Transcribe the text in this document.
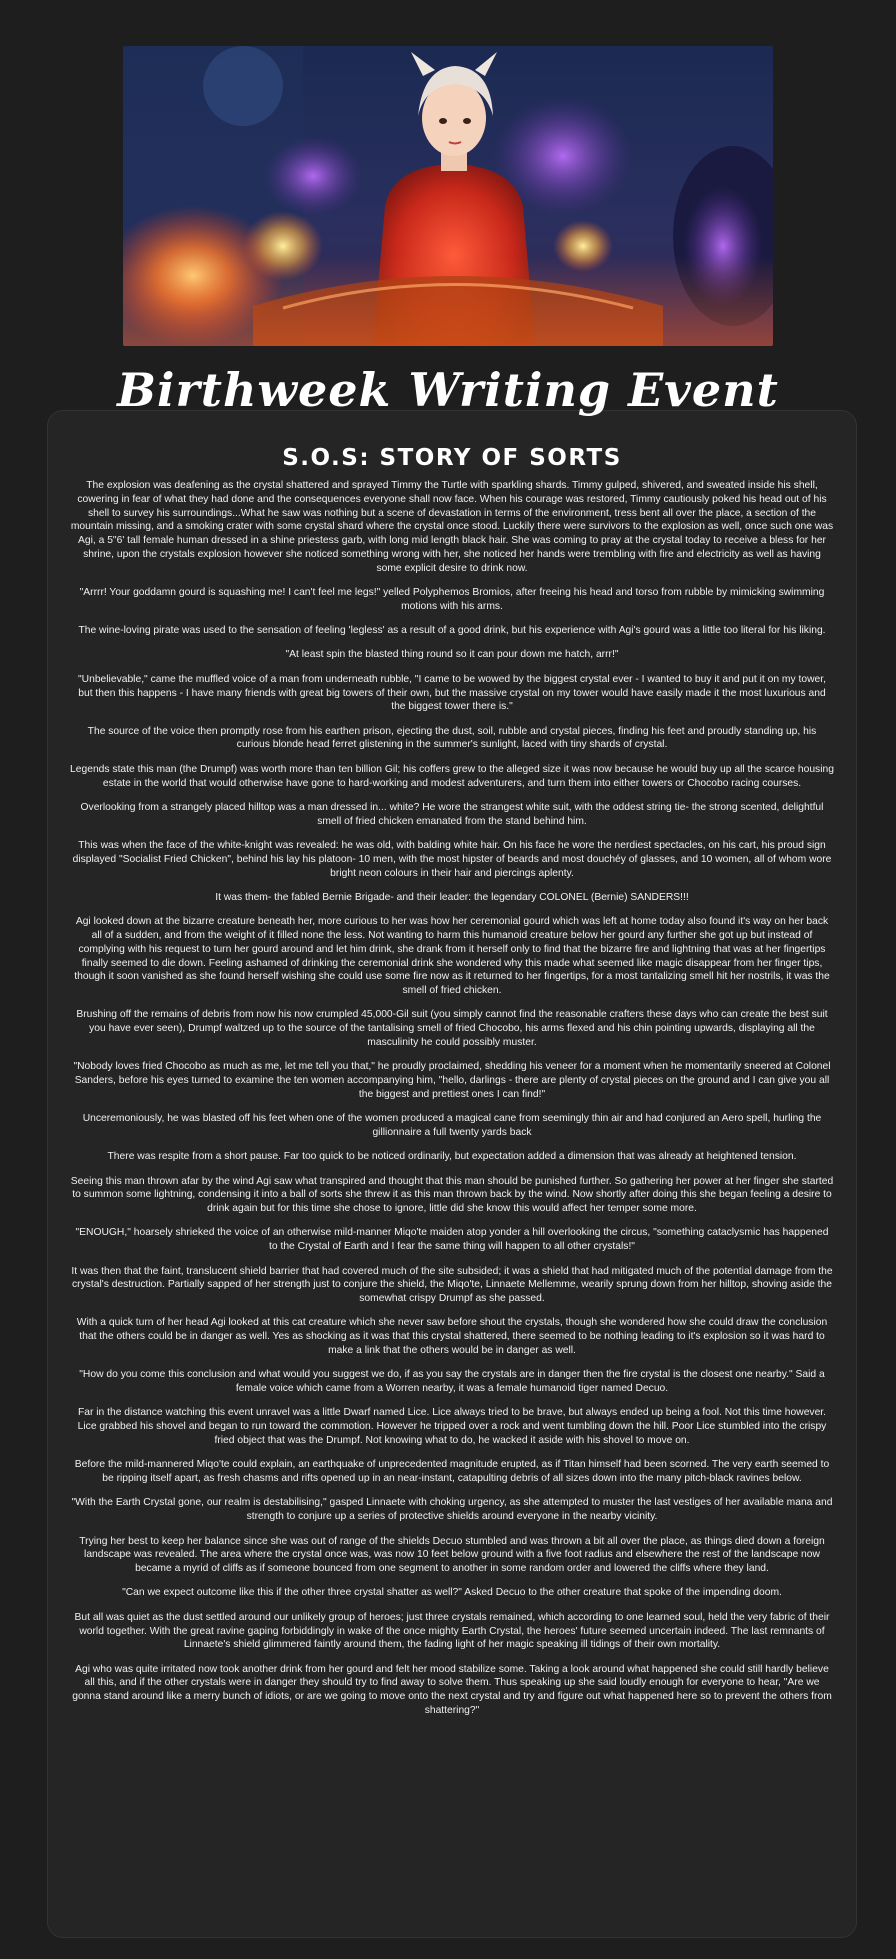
Birthweek Writing Event
S.O.S: STORY OF SORTS

The explosion was deafening as the crystal shattered and sprayed Timmy the Turtle with sparkling shards. Timmy gulped, shivered, and sweated inside his shell, cowering in fear of what they had done and the consequences everyone shall now face. When his courage was restored, Timmy cautiously poked his head out of his shell to survey his surroundings...What he saw was nothing but a scene of devastation in terms of the environment, tress bent all over the place, a section of the mountain missing, and a smoking crater with some crystal shard where the crystal once stood. Luckily there were survivors to the explosion as well, once such one was Agi, a 5"6' tall female human dressed in a shine priestess garb, with long mid length black hair. She was coming to pray at the crystal today to receive a bless for her shrine, upon the crystals explosion however she noticed something wrong with her, she noticed her hands were trembling with fire and electricity as well as having some explicit desire to drink now.

"Arrrr! Your goddamn gourd is squashing me! I can't feel me legs!" yelled Polyphemos Bromios, after freeing his head and torso from rubble by mimicking swimming motions with his arms.

The wine-loving pirate was used to the sensation of feeling 'legless' as a result of a good drink, but his experience with Agi's gourd was a little too literal for his liking.

"At least spin the blasted thing round so it can pour down me hatch, arrr!"

"Unbelievable," came the muffled voice of a man from underneath rubble, "I came to be wowed by the biggest crystal ever - I wanted to buy it and put it on my tower, but then this happens - I have many friends with great big towers of their own, but the massive crystal on my tower would have easily made it the most luxurious and the biggest tower there is."

The source of the voice then promptly rose from his earthen prison, ejecting the dust, soil, rubble and crystal pieces, finding his feet and proudly standing up, his curious blonde head ferret glistening in the summer's sunlight, laced with tiny shards of crystal.

Legends state this man (the Drumpf) was worth more than ten billion Gil; his coffers grew to the alleged size it was now because he would buy up all the scarce housing estate in the world that would otherwise have gone to hard-working and modest adventurers, and turn them into either towers or Chocobo racing courses.

Overlooking from a strangely placed hilltop was a man dressed in... white? He wore the strangest white suit, with the oddest string tie- the strong scented, delightful smell of fried chicken emanated from the stand behind him.

This was when the face of the white-knight was revealed: he was old, with balding white hair. On his face he wore the nerdiest spectacles, on his cart, his proud sign displayed "Socialist Fried Chicken", behind his lay his platoon- 10 men, with the most hipster of beards and most douchéy of glasses, and 10 women, all of whom wore bright neon colours in their hair and piercings aplenty.

It was them- the fabled Bernie Brigade- and their leader: the legendary COLONEL (Bernie) SANDERS!!!

Agi looked down at the bizarre creature beneath her, more curious to her was how her ceremonial gourd which was left at home today also found it's way on her back all of a sudden, and from the weight of it filled none the less. Not wanting to harm this humanoid creature below her gourd any further she got up but instead of complying with his request to turn her gourd around and let him drink, she drank from it herself only to find that the bizarre fire and lightning that was at her fingertips finally seemed to die down. Feeling ashamed of drinking the ceremonial drink she wondered why this made what seemed like magic disappear from her finger tips, though it soon vanished as she found herself wishing she could use some fire now as it returned to her fingertips, for a most tantalizing smell hit her nostrils, it was the smell of fried chicken.

Brushing off the remains of debris from now his now crumpled 45,000-Gil suit (you simply cannot find the reasonable crafters these days who can create the best suit you have ever seen), Drumpf waltzed up to the source of the tantalising smell of fried Chocobo, his arms flexed and his chin pointing upwards, displaying all the masculinity he could possibly muster.

"Nobody loves fried Chocobo as much as me, let me tell you that," he proudly proclaimed, shedding his veneer for a moment when he momentarily sneered at Colonel Sanders, before his eyes turned to examine the ten women accompanying him, "hello, darlings - there are plenty of crystal pieces on the ground and I can give you all the biggest and prettiest ones I can find!"

Unceremoniously, he was blasted off his feet when one of the women produced a magical cane from seemingly thin air and had conjured an Aero spell, hurling the gillionnaire a full twenty yards back

There was respite from a short pause. Far too quick to be noticed ordinarily, but expectation added a dimension that was already at heightened tension.

Seeing this man thrown afar by the wind Agi saw what transpired and thought that this man should be punished further. So gathering her power at her finger she started to summon some lightning, condensing it into a ball of sorts she threw it as this man thrown back by the wind. Now shortly after doing this she began feeling a desire to drink again but for this time she chose to ignore, little did she know this would affect her temper some more.

"ENOUGH," hoarsely shrieked the voice of an otherwise mild-manner Miqo'te maiden atop yonder a hill overlooking the circus, "something cataclysmic has happened to the Crystal of Earth and I fear the same thing will happen to all other crystals!"

It was then that the faint, translucent shield barrier that had covered much of the site subsided; it was a shield that had mitigated much of the potential damage from the crystal's destruction. Partially sapped of her strength just to conjure the shield, the Miqo'te, Linnaete Mellemme, wearily sprung down from her hilltop, shoving aside the somewhat crispy Drumpf as she passed.

With a quick turn of her head Agi looked at this cat creature which she never saw before shout the crystals, though she wondered how she could draw the conclusion that the others could be in danger as well. Yes as shocking as it was that this crystal shattered, there seemed to be nothing leading to it's explosion so it was hard to make a link that the others would be in danger as well.

"How do you come this conclusion and what would you suggest we do, if as you say the crystals are in danger then the fire crystal is the closest one nearby." Said a female voice which came from a Worren nearby, it was a female humanoid tiger named Decuo.

Far in the distance watching this event unravel was a little Dwarf named Lice. Lice always tried to be brave, but always ended up being a fool. Not this time however. Lice grabbed his shovel and began to run toward the commotion. However he tripped over a rock and went tumbling down the hill. Poor Lice stumbled into the crispy fried object that was the Drumpf. Not knowing what to do, he wacked it aside with his shovel to move on.

Before the mild-mannered Miqo'te could explain, an earthquake of unprecedented magnitude erupted, as if Titan himself had been scorned. The very earth seemed to be ripping itself apart, as fresh chasms and rifts opened up in an near-instant, catapulting debris of all sizes down into the many pitch-black ravines below.

"With the Earth Crystal gone, our realm is destabilising," gasped Linnaete with choking urgency, as she attempted to muster the last vestiges of her available mana and strength to conjure up a series of protective shields around everyone in the nearby vicinity.

Trying her best to keep her balance since she was out of range of the shields Decuo stumbled and was thrown a bit all over the place, as things died down a foreign landscape was revealed. The area where the crystal once was, was now 10 feet below ground with a five foot radius and elsewhere the rest of the landscape now became a myrid of cliffs as if someone bounced from one segment to another in some random order and lowered the cliffs where they land.

"Can we expect outcome like this if the other three crystal shatter as well?" Asked Decuo to the other creature that spoke of the impending doom.

But all was quiet as the dust settled around our unlikely group of heroes; just three crystals remained, which according to one learned soul, held the very fabric of their world together. With the great ravine gaping forbiddingly in wake of the once mighty Earth Crystal, the heroes' future seemed uncertain indeed. The last remnants of Linnaete's shield glimmered faintly around them, the fading light of her magic speaking ill tidings of their own mortality.

Agi who was quite irritated now took another drink from her gourd and felt her mood stabilize some. Taking a look around what happened she could still hardly believe all this, and if the other crystals were in danger they should try to find away to solve them. Thus speaking up she said loudly enough for everyone to hear, "Are we gonna stand around like a merry bunch of idiots, or are we going to move onto the next crystal and try and figure out what happened here so to prevent the others from shattering?"
